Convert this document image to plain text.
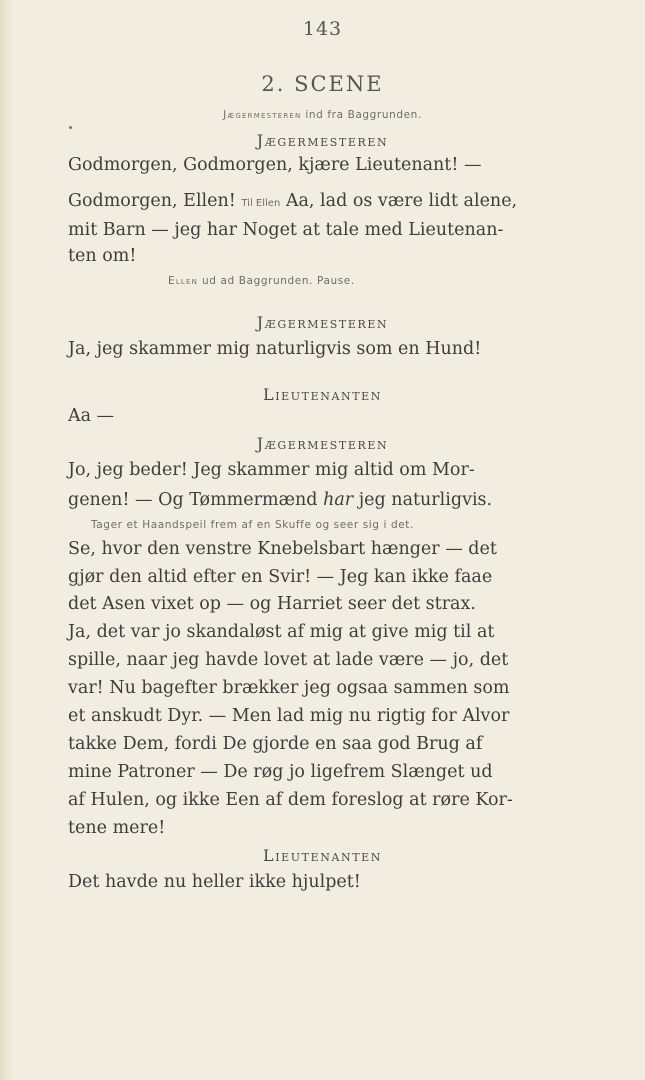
143
2. SCENE
Jægermesteren ind fra Baggrunden.
Jægermesteren
Godmorgen, Godmorgen, kjære Lieutenant! —
Godmorgen, Ellen! Til Ellen Aa, lad os være lidt alene,
mit Barn — jeg har Noget at tale med Lieutenan-
ten om!
Ellen ud ad Baggrunden. Pause.
Jægermesteren
Ja, jeg skammer mig naturligvis som en Hund!
Lieutenanten
Aa —
Jægermesteren
Jo, jeg beder! Jeg skammer mig altid om Mor-
genen! — Og Tømmermænd har jeg naturligvis.
Tager et Haandspeil frem af en Skuffe og seer sig i det.
Se, hvor den venstre Knebelsbart hænger — det
gjør den altid efter en Svir! — Jeg kan ikke faae
det Asen vixet op — og Harriet seer det strax.
Ja, det var jo skandaløst af mig at give mig til at
spille, naar jeg havde lovet at lade være — jo, det
var! Nu bagefter brækker jeg ogsaa sammen som
et anskudt Dyr. — Men lad mig nu rigtig for Alvor
takke Dem, fordi De gjorde en saa god Brug af
mine Patroner — De røg jo ligefrem Slænget ud
af Hulen, og ikke Een af dem foreslog at røre Kor-
tene mere!
Lieutenanten
Det havde nu heller ikke hjulpet!
